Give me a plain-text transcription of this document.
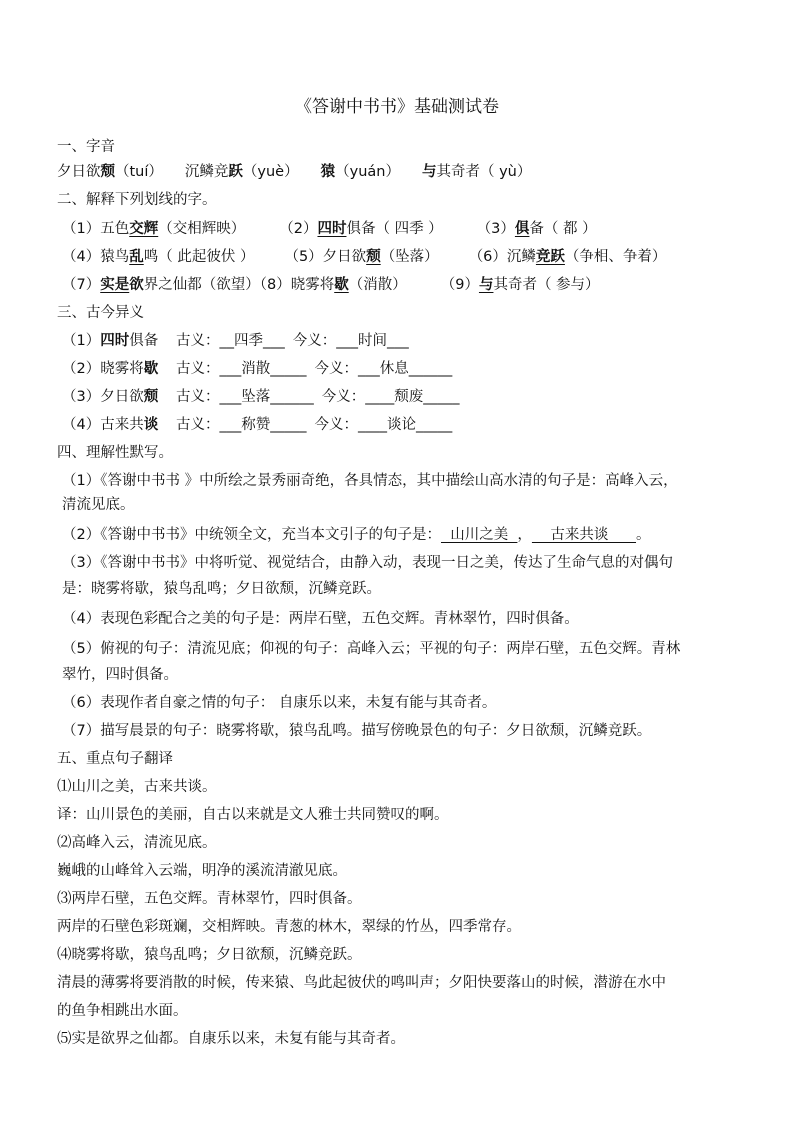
《答谢中书书》基础测试卷
一、字音
夕日欲颓（tuí） 沉鳞竞跃（yuè） 猿（yuán） 与其奇者（ yù）
二、解释下列划线的字。
（1）五色交辉（交相辉映） （2）四时俱备（ 四季 ） （3）俱备（ 都 ）
（4）猿鸟乱鸣（ 此起彼伏 ） （5）夕日欲颓（坠落） （6）沉鳞竞跃（争相、争着）
（7）实是欲界之仙都（欲望）（8）晓雾将歇（消散） （9）与其奇者（ 参与）
三、古今异义
（1）四时俱备 古义：__四季___ 今义：___时间___
（2）晓雾将歇 古义：___消散_____ 今义：___休息______
（3）夕日欲颓 古义：___坠落______ 今义：____颓废_____
（4）古来共谈 古义：___称赞_____ 今义：____谈论_____
四、理解性默写。
（1）《答谢中书书 》中所绘之景秀丽奇绝，各具情态，其中描绘山高水清的句子是：高峰入云，
清流见底。
（2）《答谢中书书》中统领全文，充当本文引子的句子是：  山川之美  ，    古来共谈      。
（3）《答谢中书书》中将听觉、视觉结合，由静入动，表现一日之美，传达了生命气息的对偶句
是：晓雾将歇，猿鸟乱鸣；夕日欲颓，沉鳞竞跃。
（4）表现色彩配合之美的句子是：两岸石壁，五色交辉。青林翠竹，四时俱备。
（5）俯视的句子：清流见底；仰视的句子：高峰入云；平视的句子：两岸石壁，五色交辉。青林
翠竹，四时俱备。
（6）表现作者自豪之情的句子： 自康乐以来，未复有能与其奇者。
（7）描写晨景的句子：晓雾将歇，猿鸟乱鸣。描写傍晚景色的句子：夕日欲颓，沉鳞竞跃。
五、重点句子翻译
⑴山川之美，古来共谈。
译：山川景色的美丽，自古以来就是文人雅士共同赞叹的啊。
⑵高峰入云，清流见底。
巍峨的山峰耸入云端，明净的溪流清澈见底。
⑶两岸石壁，五色交辉。青林翠竹，四时俱备。
两岸的石壁色彩斑斓，交相辉映。青葱的林木，翠绿的竹丛，四季常存。
⑷晓雾将歇，猿鸟乱鸣；夕日欲颓，沉鳞竞跃。
清晨的薄雾将要消散的时候，传来猿、鸟此起彼伏的鸣叫声；夕阳快要落山的时候，潜游在水中
的鱼争相跳出水面。
⑸实是欲界之仙都。自康乐以来，未复有能与其奇者。
